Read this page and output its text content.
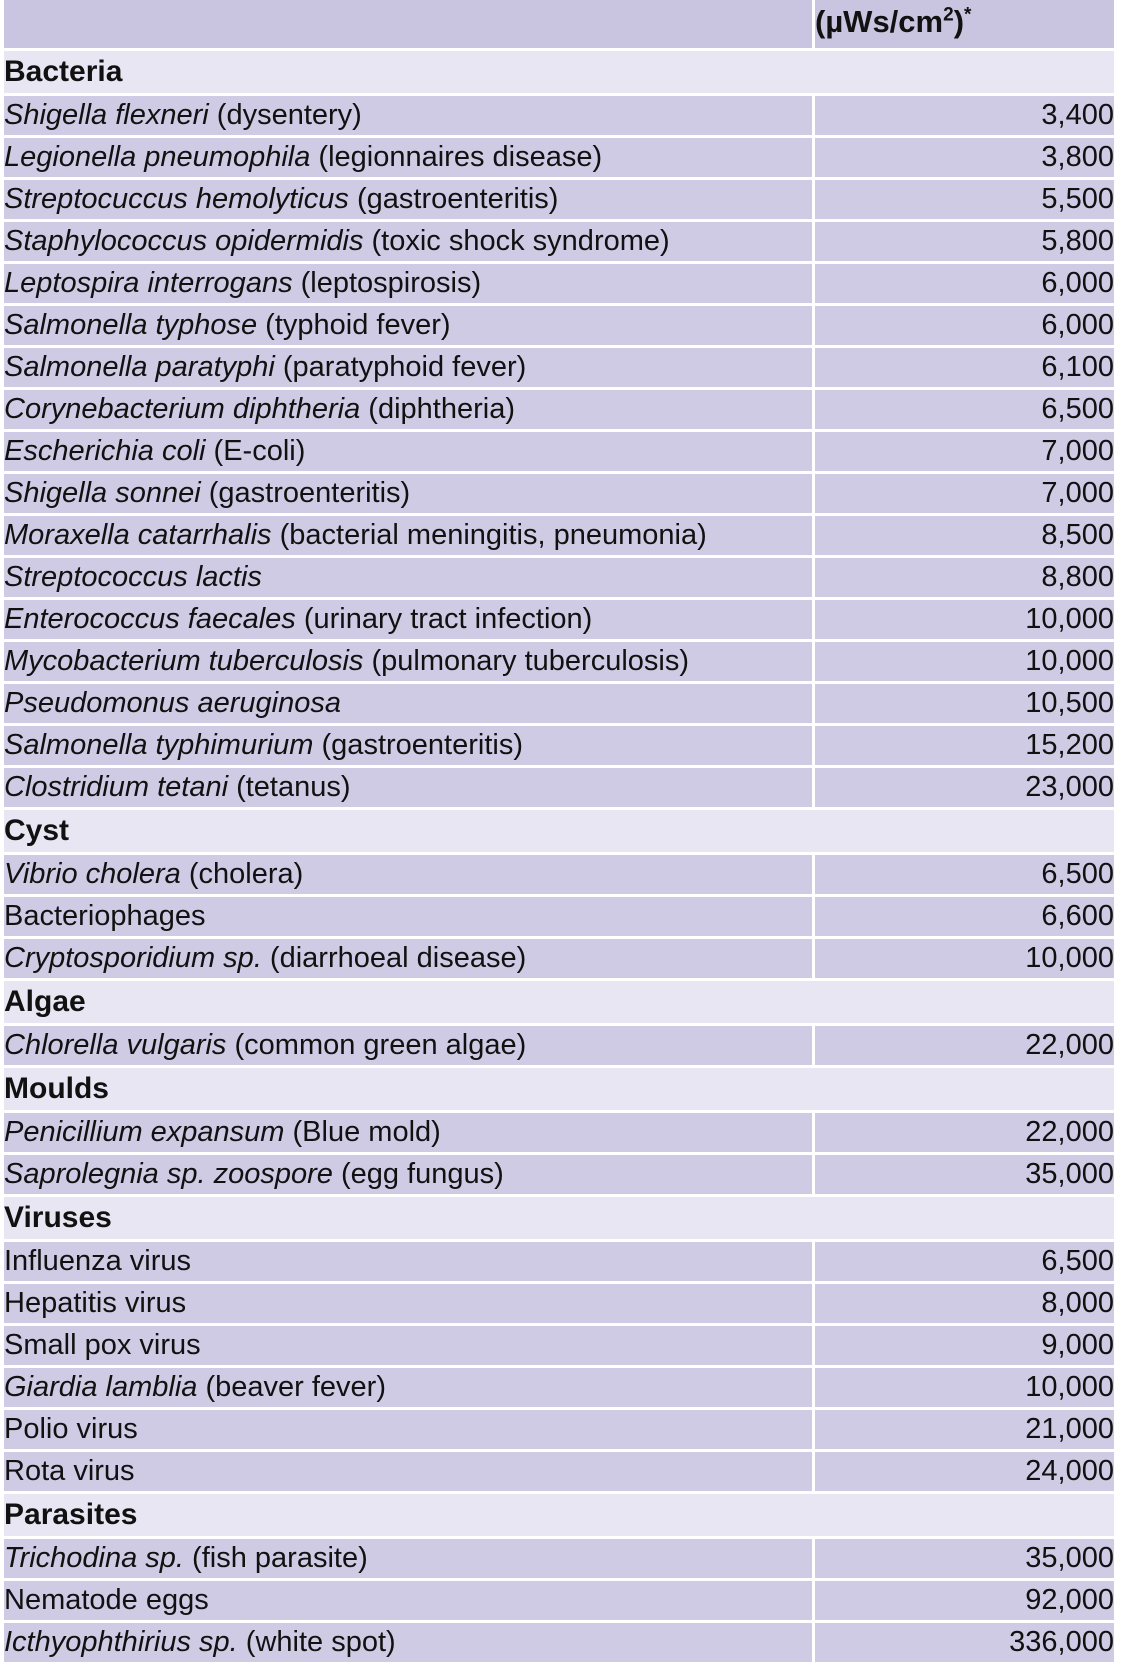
	$(\mu Ws/cm^2)^*$
Bacteria	
Shigella flexneri (dysentery)	3,400
Legionella pneumophila (legionnaires disease)	3,800
Streptocuccus hemolyticus (gastroenteritis)	5,500
Staphylococcus opidermidis (toxic shock syndrome)	5,800
Leptospira interrogans (leptospirosis)	6,000
Salmonella typhose (typhoid fever)	6,000
Salmonella paratyphi (paratyphoid fever)	6,100
Corynebacterium diphtheria (diphtheria)	6,500
Escherichia coli (E-coli)	7,000
Shigella sonnei (gastroenteritis)	7,000
Moraxella catarrhalis (bacterial meningitis, pneumonia)	8,500
Streptococcus lactis	8,800
Enterococcus faecales (urinary tract infection)	10,000
Mycobacterium tuberculosis (pulmonary tuberculosis)	10,000
Pseudomonus aeruginosa	10,500
Salmonella typhimurium (gastroenteritis)	15,200
Clostridium tetani (tetanus)	23,000
Cyst	
Vibrio cholera (cholera)	6,500
Bacteriophages	6,600
Cryptosporidium sp. (diarrhoeal disease)	10,000
Algae	
Chlorella vulgaris (common green algae)	22,000
Moulds	
Penicillium expansum (Blue mold)	22,000
Saprolegnia sp. zoospore (egg fungus)	35,000
Viruses	
Influenza virus	6,500
Hepatitis virus	8,000
Small pox virus	9,000
Giardia lamblia (beaver fever)	10,000
Polio virus	21,000
Rota virus	24,000
Parasites	
Trichodina sp. (fish parasite)	35,000
Nematode eggs	92,000
Icthyophthirius sp. (white spot)	336,000
